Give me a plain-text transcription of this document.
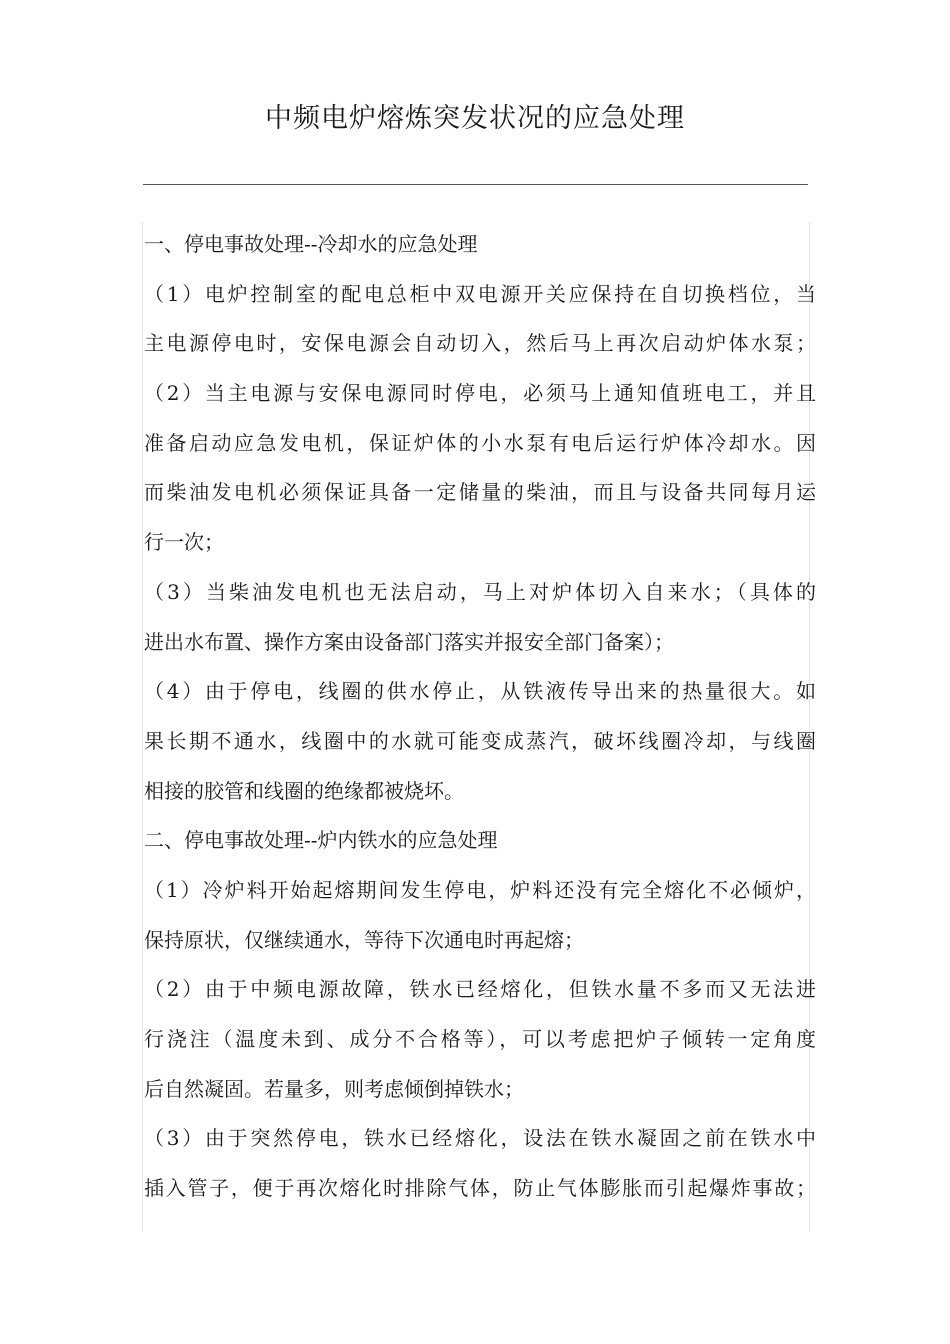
中频电炉熔炼突发状况的应急处理

一、停电事故处理--冷却水的应急处理

（1）电炉控制室的配电总柜中双电源开关应保持在自切换档位，当

主电源停电时，安保电源会自动切入，然后马上再次启动炉体水泵；

（2）当主电源与安保电源同时停电，必须马上通知值班电工，并且

准备启动应急发电机，保证炉体的小水泵有电后运行炉体冷却水。因

而柴油发电机必须保证具备一定储量的柴油，而且与设备共同每月运

行一次；

（3）当柴油发电机也无法启动，马上对炉体切入自来水；（具体的

进出水布置、操作方案由设备部门落实并报安全部门备案）；

（4）由于停电，线圈的供水停止，从铁液传导出来的热量很大。如

果长期不通水，线圈中的水就可能变成蒸汽，破坏线圈冷却，与线圈

相接的胶管和线圈的绝缘都被烧坏。

二、停电事故处理--炉内铁水的应急处理

（1）冷炉料开始起熔期间发生停电，炉料还没有完全熔化不必倾炉，

保持原状，仅继续通水，等待下次通电时再起熔；

（2）由于中频电源故障，铁水已经熔化，但铁水量不多而又无法进

行浇注（温度未到、成分不合格等），可以考虑把炉子倾转一定角度

后自然凝固。若量多，则考虑倾倒掉铁水；

（3）由于突然停电，铁水已经熔化，设法在铁水凝固之前在铁水中

插入管子，便于再次熔化时排除气体，防止气体膨胀而引起爆炸事故；
